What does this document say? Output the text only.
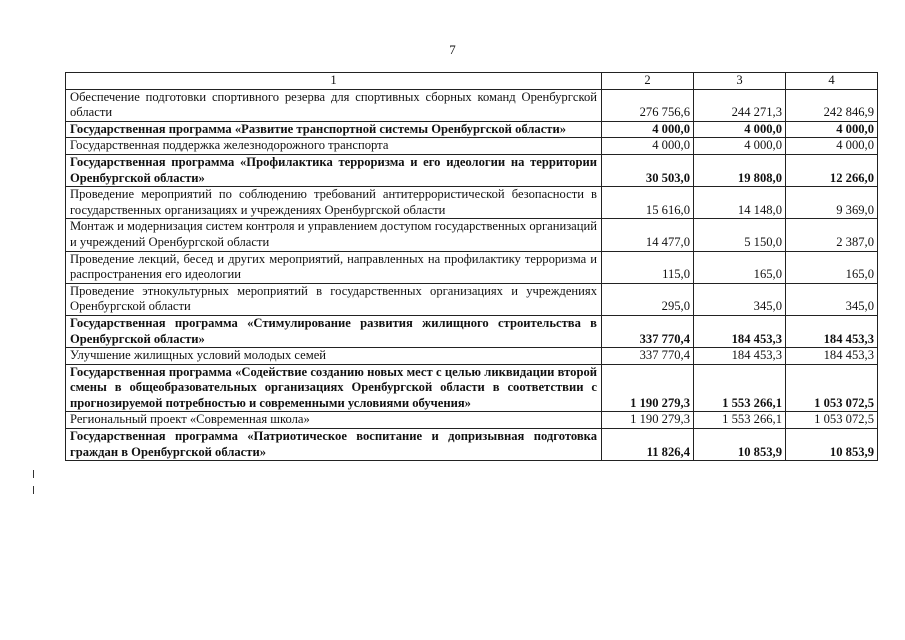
7
1	2	3	4
Обеспечение подготовки спортивного резерва для спортивных сборных команд Оренбургской области	276 756,6	244 271,3	242 846,9
Государственная программа «Развитие транспортной системы Оренбургской области»	4 000,0	4 000,0	4 000,0
Государственная поддержка железнодорожного транспорта	4 000,0	4 000,0	4 000,0
Государственная программа «Профилактика терроризма и его идеологии на территории Оренбургской области»	30 503,0	19 808,0	12 266,0
Проведение мероприятий по соблюдению требований антитеррористической безопасности в государственных организациях и учреждениях Оренбургской области	15 616,0	14 148,0	9 369,0
Монтаж и модернизация систем контроля и управлением доступом государственных организаций и учреждений Оренбургской области	14 477,0	5 150,0	2 387,0
Проведение лекций, бесед и других мероприятий, направленных на профилактику терроризма и распространения его идеологии	115,0	165,0	165,0
Проведение этнокультурных мероприятий в государственных организациях и учреждениях Оренбургской области	295,0	345,0	345,0
Государственная программа «Стимулирование развития жилищного строительства в Оренбургской области»	337 770,4	184 453,3	184 453,3
Улучшение жилищных условий молодых семей	337 770,4	184 453,3	184 453,3
Государственная программа «Содействие созданию новых мест с целью ликвидации второй смены в общеобразовательных организациях Оренбургской области в соответствии с прогнозируемой потребностью и современными условиями обучения»	1 190 279,3	1 553 266,1	1 053 072,5
Региональный проект «Современная школа»	1 190 279,3	1 553 266,1	1 053 072,5
Государственная программа «Патриотическое воспитание и допризывная подготовка граждан в Оренбургской области»	11 826,4	10 853,9	10 853,9
